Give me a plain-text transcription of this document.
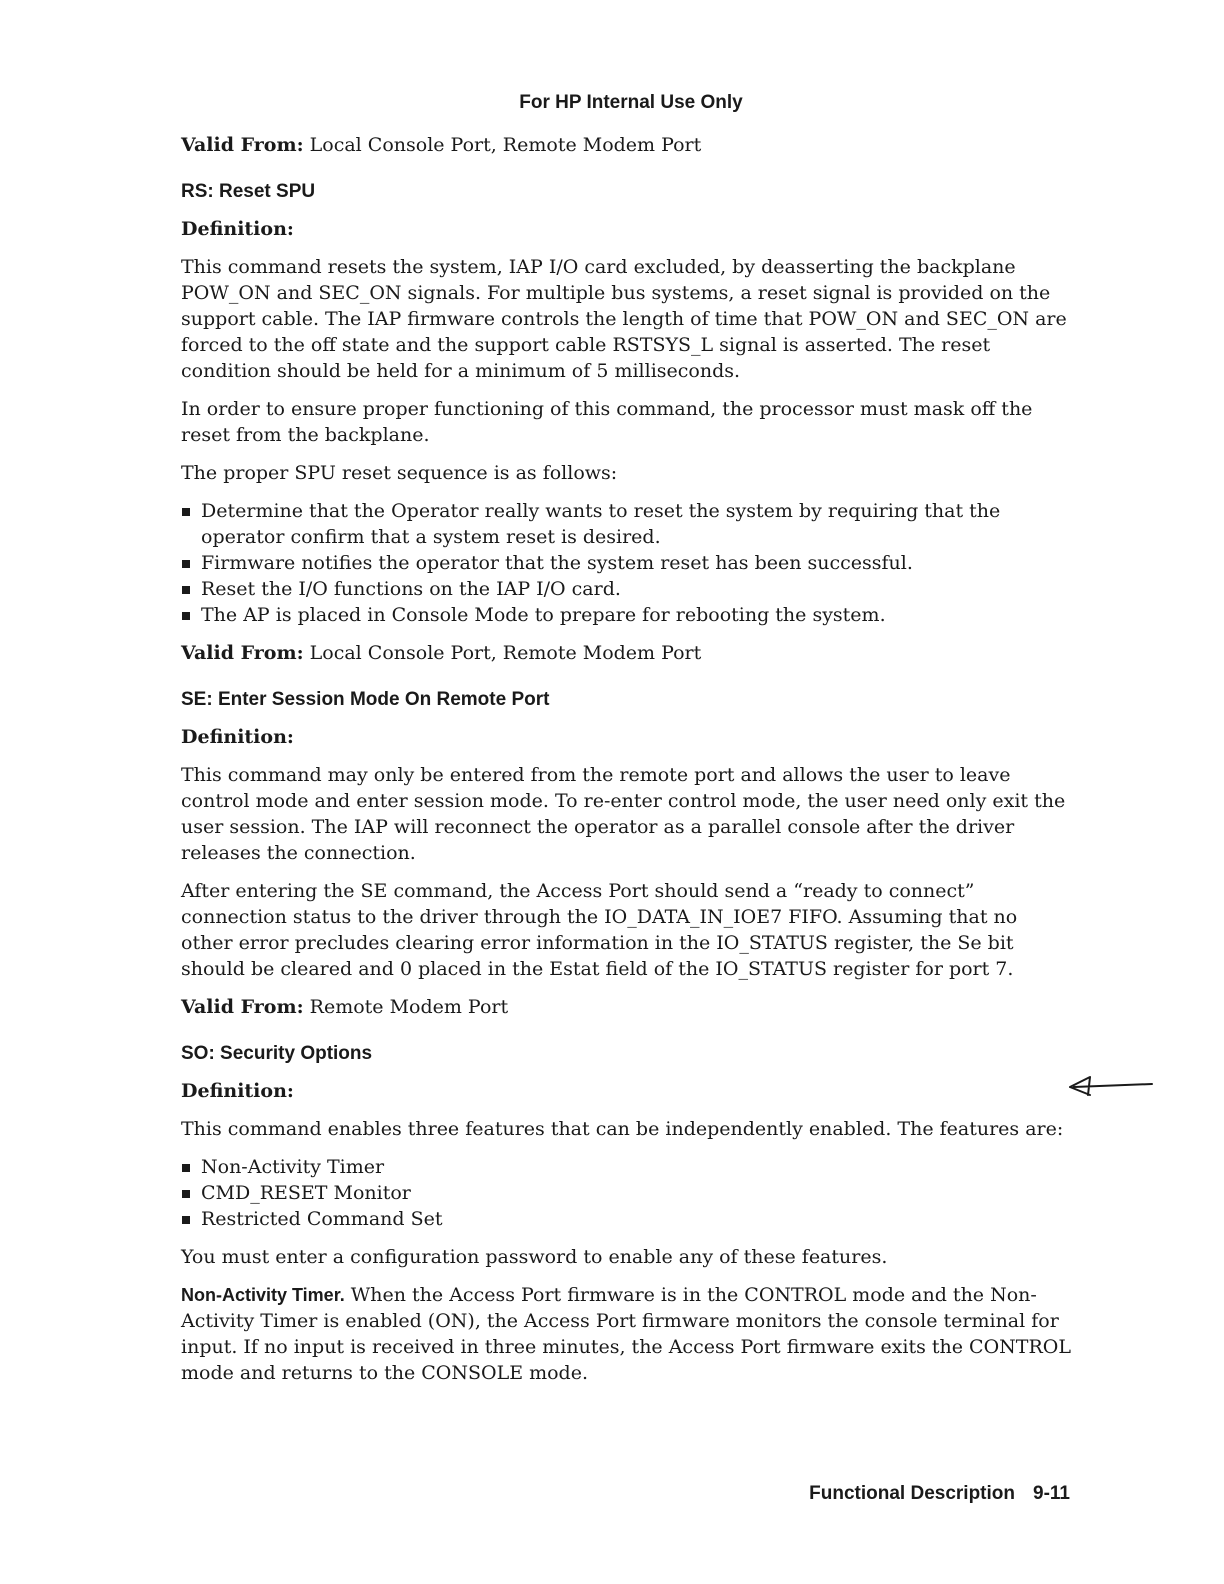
For HP Internal Use Only

Valid From: Local Console Port, Remote Modem Port

RS: Reset SPU
Definition:

This command resets the system, IAP I/O card excluded, by deasserting the backplane POW_ON and SEC_ON signals. For multiple bus systems, a reset signal is provided on the support cable. The IAP firmware controls the length of time that POW_ON and SEC_ON are forced to the off state and the support cable RSTSYS_L signal is asserted. The reset condition should be held for a minimum of 5 milliseconds.

In order to ensure proper functioning of this command, the processor must mask off the reset from the backplane.

The proper SPU reset sequence is as follows:

Determine that the Operator really wants to reset the system by requiring that the operator confirm that a system reset is desired.
Firmware notifies the operator that the system reset has been successful.
Reset the I/O functions on the IAP I/O card.
The AP is placed in Console Mode to prepare for rebooting the system.

Valid From: Local Console Port, Remote Modem Port

SE: Enter Session Mode On Remote Port
Definition:

This command may only be entered from the remote port and allows the user to leave control mode and enter session mode. To re-enter control mode, the user need only exit the user session. The IAP will reconnect the operator as a parallel console after the driver releases the connection.

After entering the SE command, the Access Port should send a “ready to connect” connection status to the driver through the IO_DATA_IN_IOE7 FIFO. Assuming that no other error precludes clearing error information in the IO_STATUS register, the Se bit should be cleared and 0 placed in the Estat field of the IO_STATUS register for port 7.

Valid From: Remote Modem Port

SO: Security Options
Definition:

This command enables three features that can be independently enabled. The features are:

Non-Activity Timer
CMD_RESET Monitor
Restricted Command Set

You must enter a configuration password to enable any of these features.

Non-Activity Timer. When the Access Port firmware is in the CONTROL mode and the Non-Activity Timer is enabled (ON), the Access Port firmware monitors the console terminal for input. If no input is received in three minutes, the Access Port firmware exits the CONTROL mode and returns to the CONSOLE mode.

Functional Description 9-11
